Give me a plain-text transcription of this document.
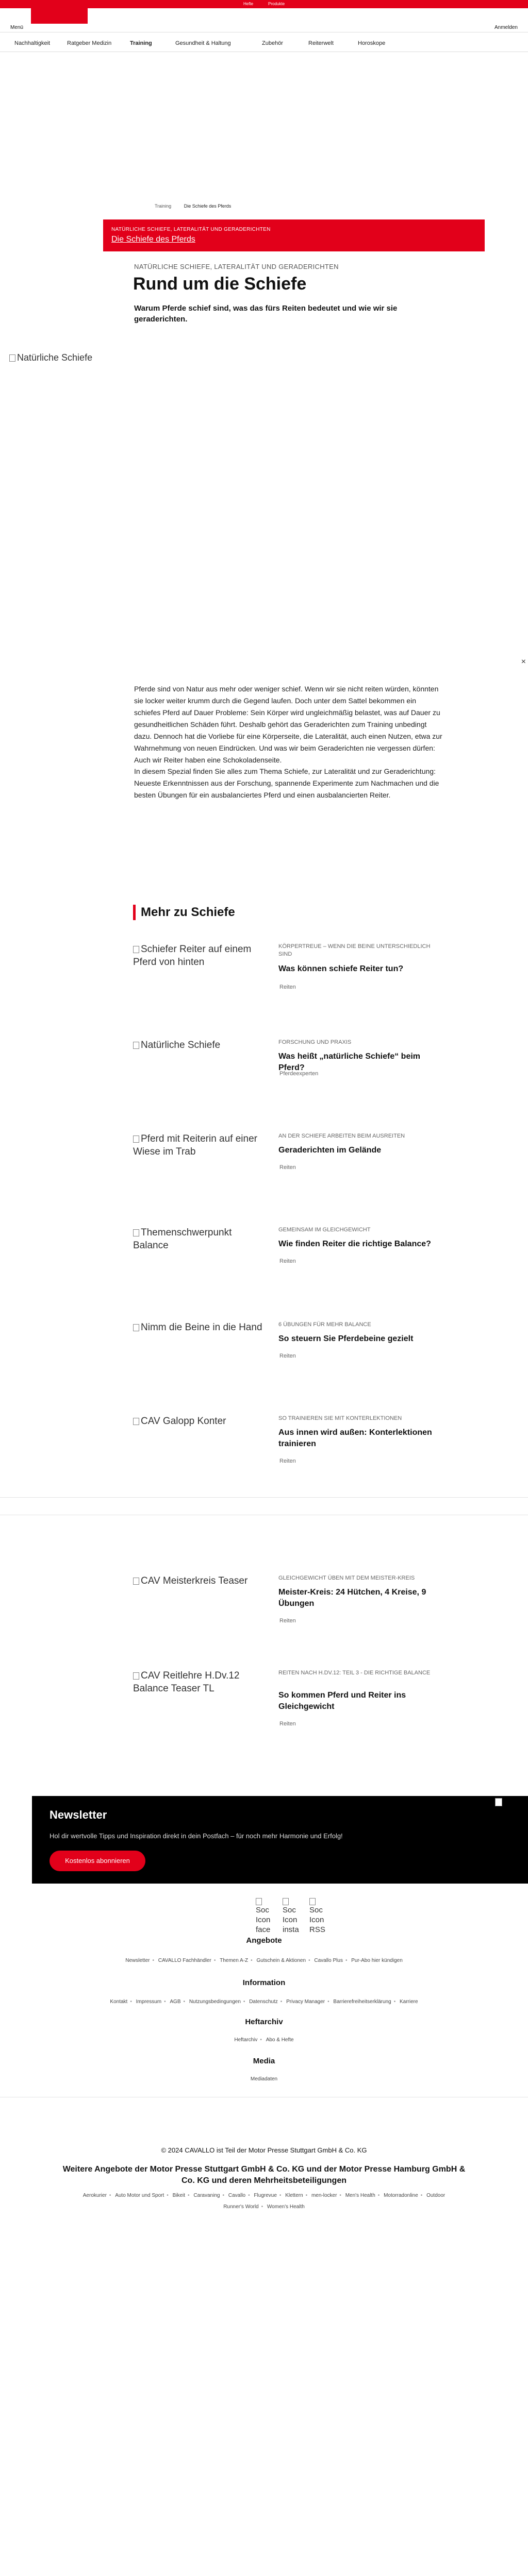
Hefte	Produkte
Menü	Anmelden
Nachhaltigkeit	Ratgeber Medizin	Training	Gesundheit & Haltung	Zubehör	Reiterwelt	Horoskope
Training	Die Schiefe des Pferds
NATÜRLICHE SCHIEFE, LATERALITÄT UND GERADERICHTEN
Die Schiefe des Pferds
NATÜRLICHE SCHIEFE, LATERALITÄT UND GERADERICHTEN
Rund um die Schiefe

Warum Pferde schief sind, was das fürs Reiten bedeutet und wie wir sie geraderichten.

Natürliche Schiefe
×

Pferde sind von Natur aus mehr oder weniger schief. Wenn wir sie nicht reiten würden, könnten sie locker weiter krumm durch die Gegend laufen. Doch unter dem Sattel bekommen ein schiefes Pferd auf Dauer Probleme: Sein Körper wird ungleichmäßig belastet, was auf Dauer zu gesundheitlichen Schäden führt. Deshalb gehört das Geraderichten zum Training unbedingt dazu. Dennoch hat die Vorliebe für eine Körperseite, die Lateralität, auch einen Nutzen, etwa zur Wahrnehmung von neuen Eindrücken. Und was wir beim Geraderichten nie vergessen dürfen: Auch wir Reiter haben eine Schokoladenseite.

In diesem Spezial finden Sie alles zum Thema Schiefe, zur Lateralität und zur Geraderichtung: Neueste Erkenntnissen aus der Forschung, spannende Experimente zum Nachmachen und die besten Übungen für ein ausbalanciertes Pferd und einen ausbalancierten Reiter.

Mehr zu Schiefe
Schiefer Reiter auf einem Pferd von hinten
KÖRPERTREUE – WENN DIE BEINE UNTERSCHIEDLICH SIND
Was können schiefe Reiter tun?
Reiten
Natürliche Schiefe	FORSCHUNG UND PRAXIS
Was heißt „natürliche Schiefe“ beim Pferd?
Pferdeexperten
Pferd mit Reiterin auf einer Wiese im Trab
AN DER SCHIEFE ARBEITEN BEIM AUSREITEN
Geraderichten im Gelände
Reiten
Themenschwerpunkt Balance
GEMEINSAM IM GLEICHGEWICHT
Wie finden Reiter die richtige Balance?
Reiten
Nimm die Beine in die Hand	6 ÜBUNGEN FÜR MEHR BALANCE
So steuern Sie Pferdebeine gezielt
Reiten
CAV Galopp Konter	SO TRAINIEREN SIE MIT KONTERLEKTIONEN
Aus innen wird außen: Konterlektionen trainieren
Reiten
CAV Meisterkreis Teaser	GLEICHGEWICHT ÜBEN MIT DEM MEISTER-KREIS
Meister-Kreis: 24 Hütchen, 4 Kreise, 9 Übungen
Reiten
CAV Reitlehre H.Dv.12 Balance Teaser TL
REITEN NACH H.DV.12: TEIL 3 - DIE RICHTIGE BALANCE
So kommen Pferd und Reiter ins Gleichgewicht
Reiten
Newsletter
Hol dir wertvolle Tipps und Inspiration direkt in dein Postfach – für noch mehr Harmonie und Erfolg!
Kostenlos abonnieren
Soc Icon face
Soc Icon insta
Soc Icon RSS
Angebote
Newsletter • CAVALLO Fachhändler • Themen A-Z • Gutschein & Aktionen • Cavallo Plus • Pur-Abo hier kündigen
Information
Kontakt • Impressum • AGB • Nutzungsbedingungen • Datenschutz • Privacy Manager • Barrierefreiheitserklärung • Karriere
Heftarchiv
Heftarchiv • Abo & Hefte
Media
Mediadaten
© 2024 CAVALLO ist Teil der Motor Presse Stuttgart GmbH & Co. KG
Weitere Angebote der Motor Presse Stuttgart GmbH & Co. KG und der Motor Presse Hamburg GmbH & Co. KG und deren Mehrheitsbeteiligungen
Aerokurier • Auto Motor und Sport • Bikeit • Caravaning • Cavallo • Flugrevue • Klettern • men-locker • Men's Health • Motorradonline • Outdoor
Runner's World • Women's Health
